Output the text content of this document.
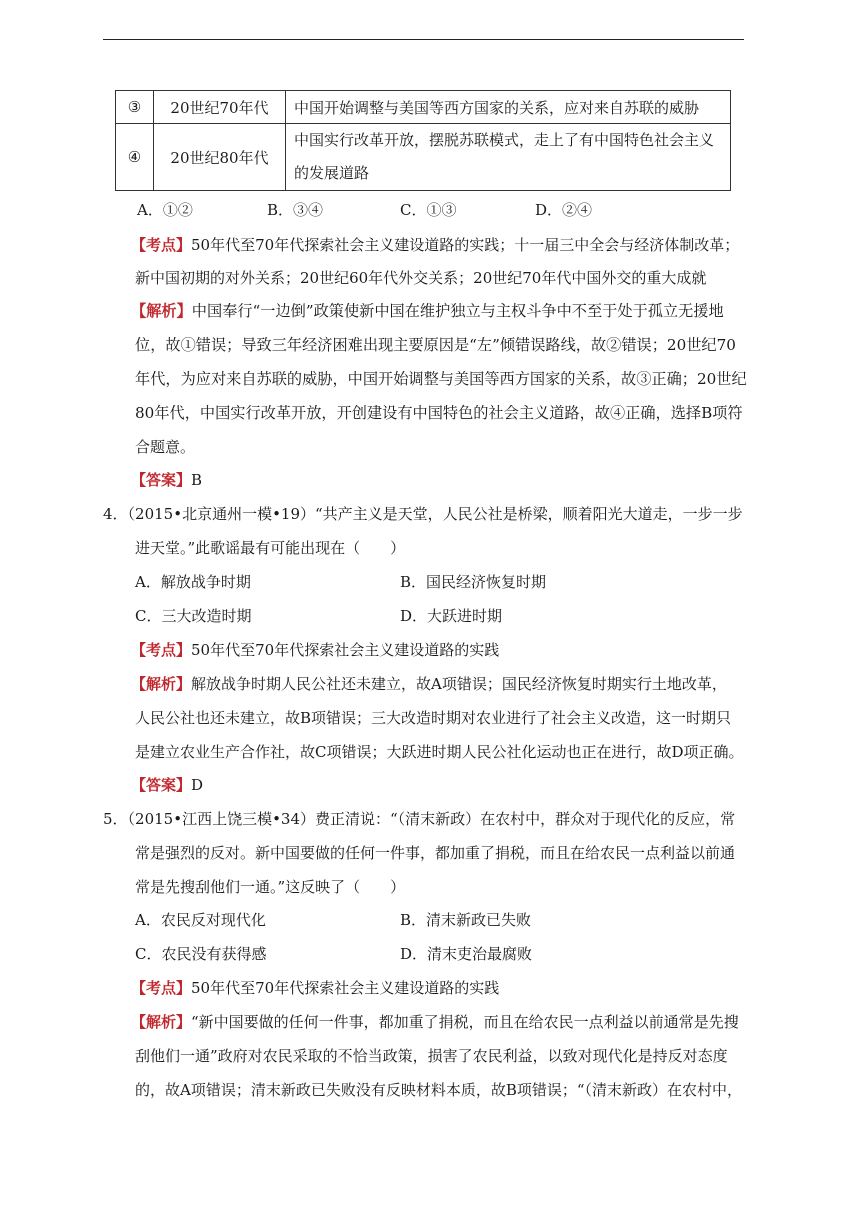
③	20世纪70年代	中国开始调整与美国等西方国家的关系，应对来自苏联的威胁
④	20世纪80年代	中国实行改革开放，摆脱苏联模式，走上了有中国特色社会主义
的发展道路
A．①②	B．③④	C．①③	D．②④
【考点】50年代至70年代探索社会主义建设道路的实践；十一届三中全会与经济体制改革；
新中国初期的对外关系；20世纪60年代外交关系；20世纪70年代中国外交的重大成就
【解析】中国奉行“一边倒”政策使新中国在维护独立与主权斗争中不至于处于孤立无援地
位，故①错误；导致三年经济困难出现主要原因是“左”倾错误路线，故②错误；20世纪70
年代，为应对来自苏联的威胁，中国开始调整与美国等西方国家的关系，故③正确；20世纪
80年代，中国实行改革开放，开创建设有中国特色的社会主义道路，故④正确，选择B项符
合题意。
【答案】B
4．（2015•北京通州一模•19）“共产主义是天堂，人民公社是桥梁，顺着阳光大道走，一步一步
进天堂。”此歌谣最有可能出现在（　　）
A．解放战争时期	B．国民经济恢复时期
C．三大改造时期	D．大跃进时期
【考点】50年代至70年代探索社会主义建设道路的实践
【解析】解放战争时期人民公社还未建立，故A项错误；国民经济恢复时期实行土地改革，
人民公社也还未建立，故B项错误；三大改造时期对农业进行了社会主义改造，这一时期只
是建立农业生产合作社，故C项错误；大跃进时期人民公社化运动也正在进行，故D项正确。
【答案】D
5．（2015•江西上饶三模•34）费正清说：“（清末新政）在农村中，群众对于现代化的反应，常
常是强烈的反对。新中国要做的任何一件事，都加重了捐税，而且在给农民一点利益以前通
常是先搜刮他们一通。”这反映了（　　）
A．农民反对现代化	B．清末新政已失败
C．农民没有获得感	D．清末吏治最腐败
【考点】50年代至70年代探索社会主义建设道路的实践
【解析】“新中国要做的任何一件事，都加重了捐税，而且在给农民一点利益以前通常是先搜
刮他们一通”政府对农民采取的不恰当政策，损害了农民利益，以致对现代化是持反对态度
的，故A项错误；清末新政已失败没有反映材料本质，故B项错误；“（清末新政）在农村中，
